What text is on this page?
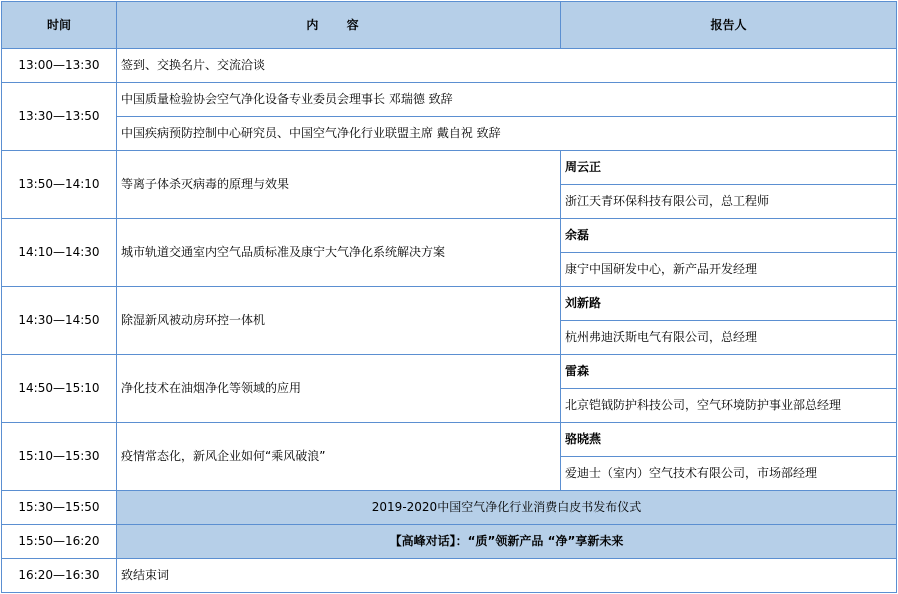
时间	内 容	报告人
13:00—13:30	签到、交换名片、交流洽谈	
13:30—13:50	中国质量检验协会空气净化设备专业委员会理事长 邓瑞德 致辞	
	中国疾病预防控制中心研究员、中国空气净化行业联盟主席 戴自祝 致辞	
13:50—14:10	等离子体杀灭病毒的原理与效果	周云正
		浙江天青环保科技有限公司，总工程师
14:10—14:30	城市轨道交通室内空气品质标准及康宁大气净化系统解决方案	余磊
		康宁中国研发中心，新产品开发经理
14:30—14:50	除湿新风被动房环控一体机	刘新路
		杭州弗迪沃斯电气有限公司，总经理
14:50—15:10	净化技术在油烟净化等领域的应用	雷森
		北京铠钺防护科技公司，空气环境防护事业部总经理
15:10—15:30	疫情常态化，新风企业如何“乘风破浪”	骆晓燕
		爱迪士（室内）空气技术有限公司，市场部经理
15:30—15:50	2019-2020中国空气净化行业消费白皮书发布仪式	
15:50—16:20	【高峰对话】：“质”领新产品 “净”享新未来	
16:20—16:30	致结束词	
